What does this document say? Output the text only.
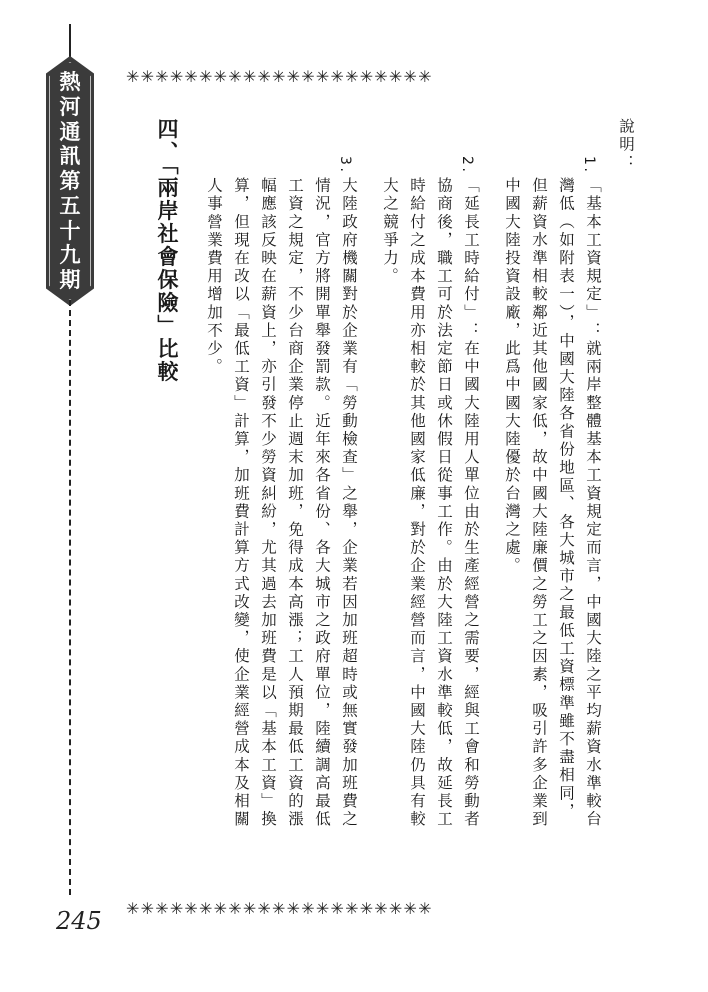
熱
河
通
訊
第
五
十
九
期
✳✳✳✳✳✳✳✳✳✳✳✳✳✳✳✳✳✳✳✳✳
✳✳✳✳✳✳✳✳✳✳✳✳✳✳✳✳✳✳✳✳✳
245
說明：
1.
「基本工資規定」：就兩岸整體基本工資規定而言，中國大陸之平均薪資水準較台
灣低（如附表一），中國大陸各省份地區、各大城市之最低工資標準雖不盡相同，
但薪資水準相較鄰近其他國家低，故中國大陸廉價之勞工之因素，吸引許多企業到
中國大陸投資設廠，此爲中國大陸優於台灣之處。
2.
「延長工時給付」：在中國大陸用人單位由於生產經營之需要，經與工會和勞動者
協商後，職工可於法定節日或休假日從事工作。由於大陸工資水準較低，故延長工
時給付之成本費用亦相較於其他國家低廉，對於企業經營而言，中國大陸仍具有較
大之競爭力。
3.
大陸政府機關對於企業有「勞動檢查」之舉，企業若因加班超時或無實發加班費之
情況，官方將開單舉發罰款。近年來各省份、各大城市之政府單位，陸續調高最低
工資之規定，不少台商企業停止週末加班，免得成本高漲；工人預期最低工資的漲
幅應該反映在薪資上，亦引發不少勞資糾紛，尤其過去加班費是以「基本工資」換
算，但現在改以「最低工資」計算，加班費計算方式改變，使企業經營成本及相關
人事營業費用增加不少。
四、「兩岸社會保險」比較
